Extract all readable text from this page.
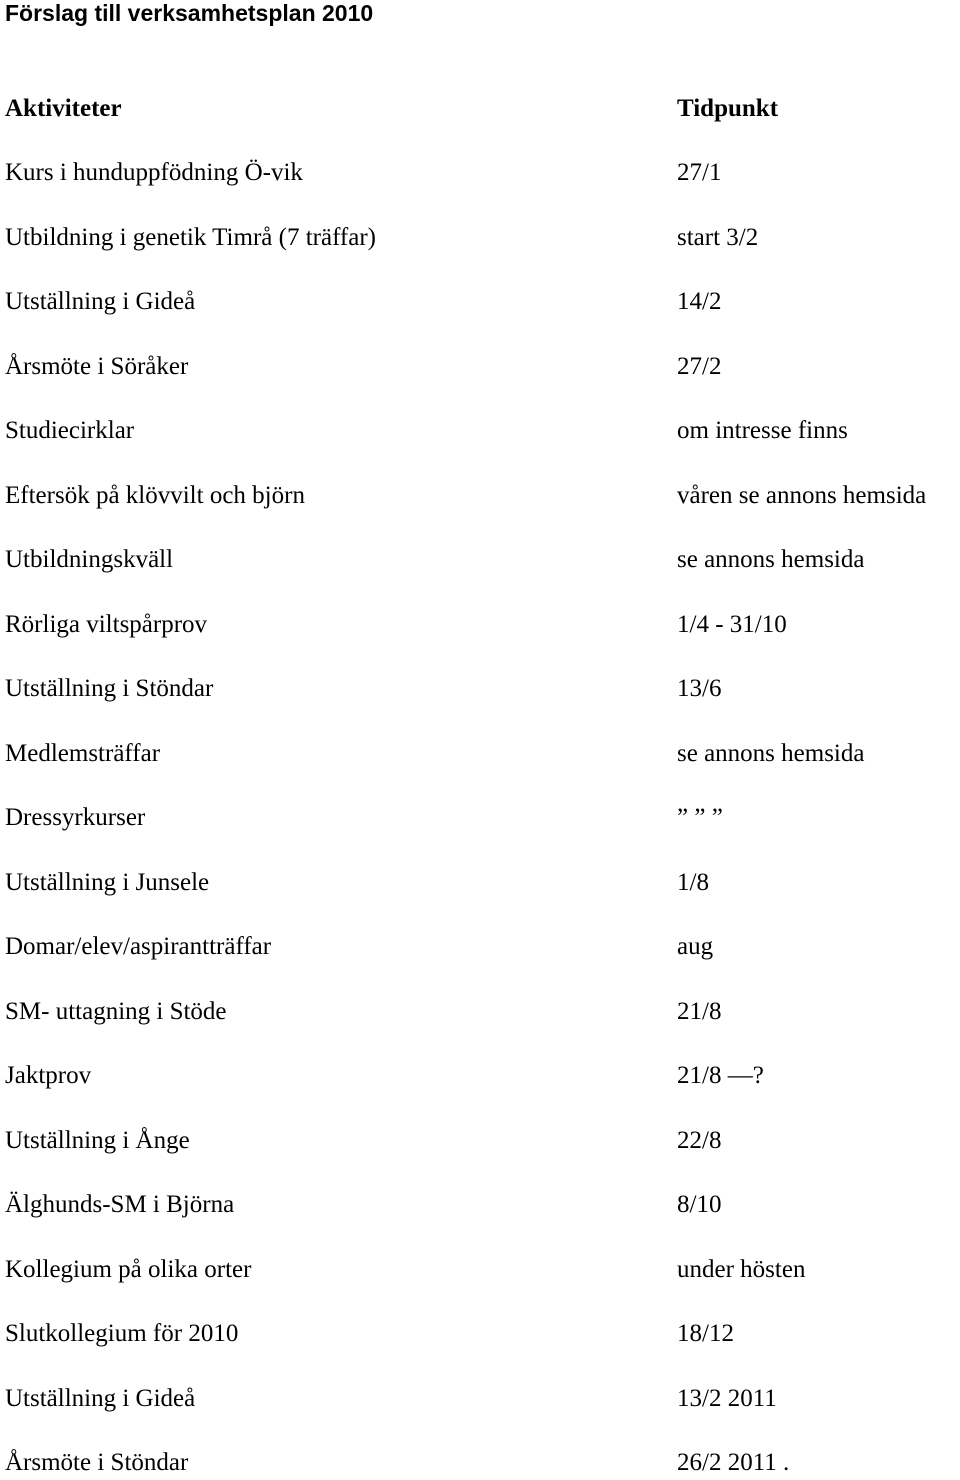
Förslag till verksamhetsplan 2010
Aktiviteter	Tidpunkt
Kurs i hunduppfödning Ö-vik	27/1
Utbildning i genetik Timrå (7 träffar)	start 3/2
Utställning i Gideå	14/2
Årsmöte i Söråker	27/2
Studiecirklar	om intresse finns
Eftersök på klövvilt och björn	våren se annons hemsida
Utbildningskväll	se annons hemsida
Rörliga viltspårprov	1/4 - 31/10
Utställning i Stöndar	13/6
Medlemsträffar	se annons hemsida
Dressyrkurser	” ” ”
Utställning i Junsele	1/8
Domar/elev/aspirantträffar	aug
SM- uttagning i Stöde	21/8
Jaktprov	21/8 —?
Utställning i Ånge	22/8
Älghunds-SM i Björna	8/10
Kollegium på olika orter	under hösten
Slutkollegium för 2010	18/12
Utställning i Gideå	13/2 2011
Årsmöte i Stöndar	26/2 2011 .
